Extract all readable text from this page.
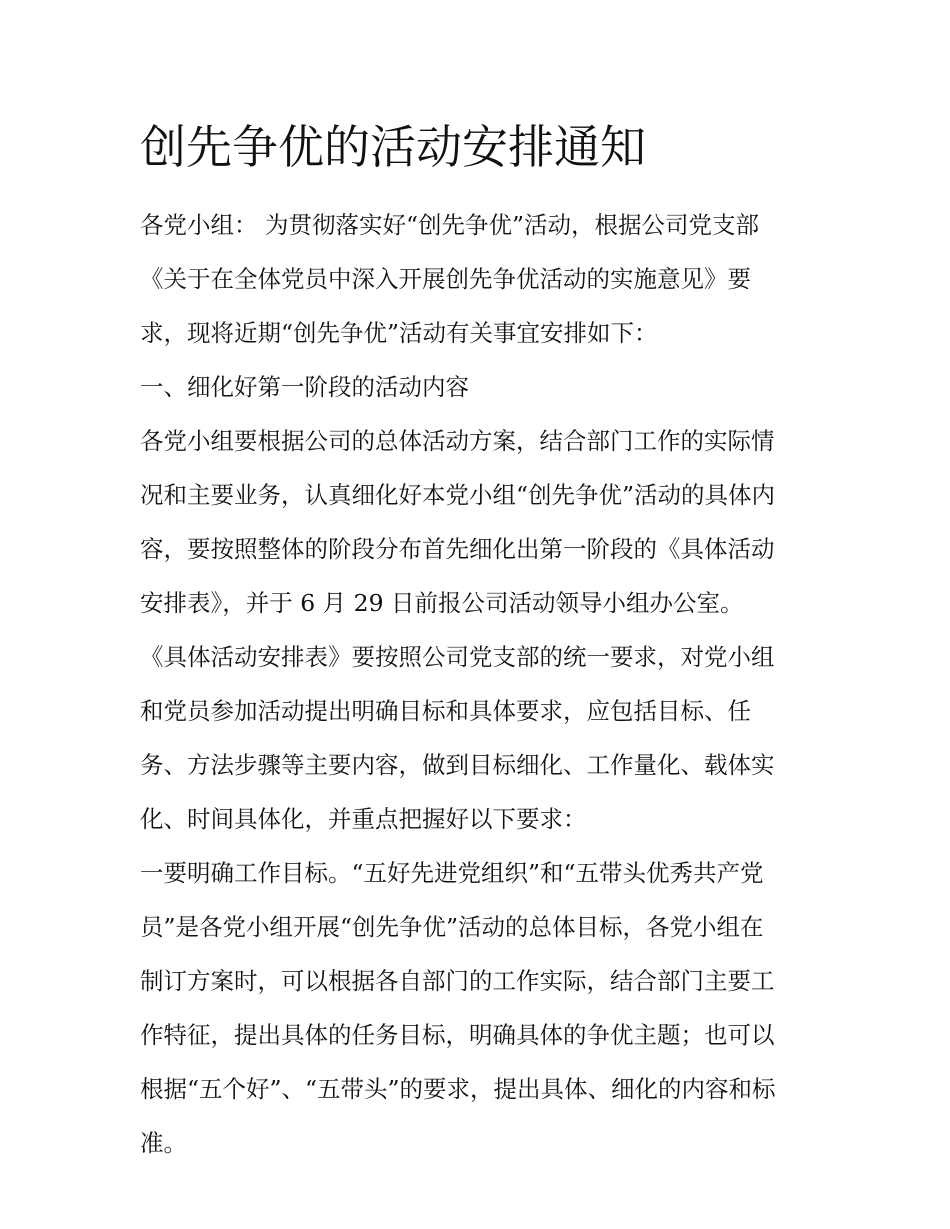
创先争优的活动安排通知
各党小组： 为贯彻落实好“创先争优”活动，根据公司党支部
《关于在全体党员中深入开展创先争优活动的实施意见》要
求，现将近期“创先争优”活动有关事宜安排如下：
一、细化好第一阶段的活动内容
各党小组要根据公司的总体活动方案，结合部门工作的实际情
况和主要业务，认真细化好本党小组“创先争优”活动的具体内
容，要按照整体的阶段分布首先细化出第一阶段的《具体活动
安排表》，并于 6 月 29 日前报公司活动领导小组办公室。
《具体活动安排表》要按照公司党支部的统一要求，对党小组
和党员参加活动提出明确目标和具体要求，应包括目标、任
务、方法步骤等主要内容，做到目标细化、工作量化、载体实
化、时间具体化，并重点把握好以下要求：
一要明确工作目标。“五好先进党组织”和“五带头优秀共产党
员”是各党小组开展“创先争优”活动的总体目标，各党小组在
制订方案时，可以根据各自部门的工作实际，结合部门主要工
作特征，提出具体的任务目标，明确具体的争优主题；也可以
根据“五个好”、“五带头”的要求，提出具体、细化的内容和标
准。
